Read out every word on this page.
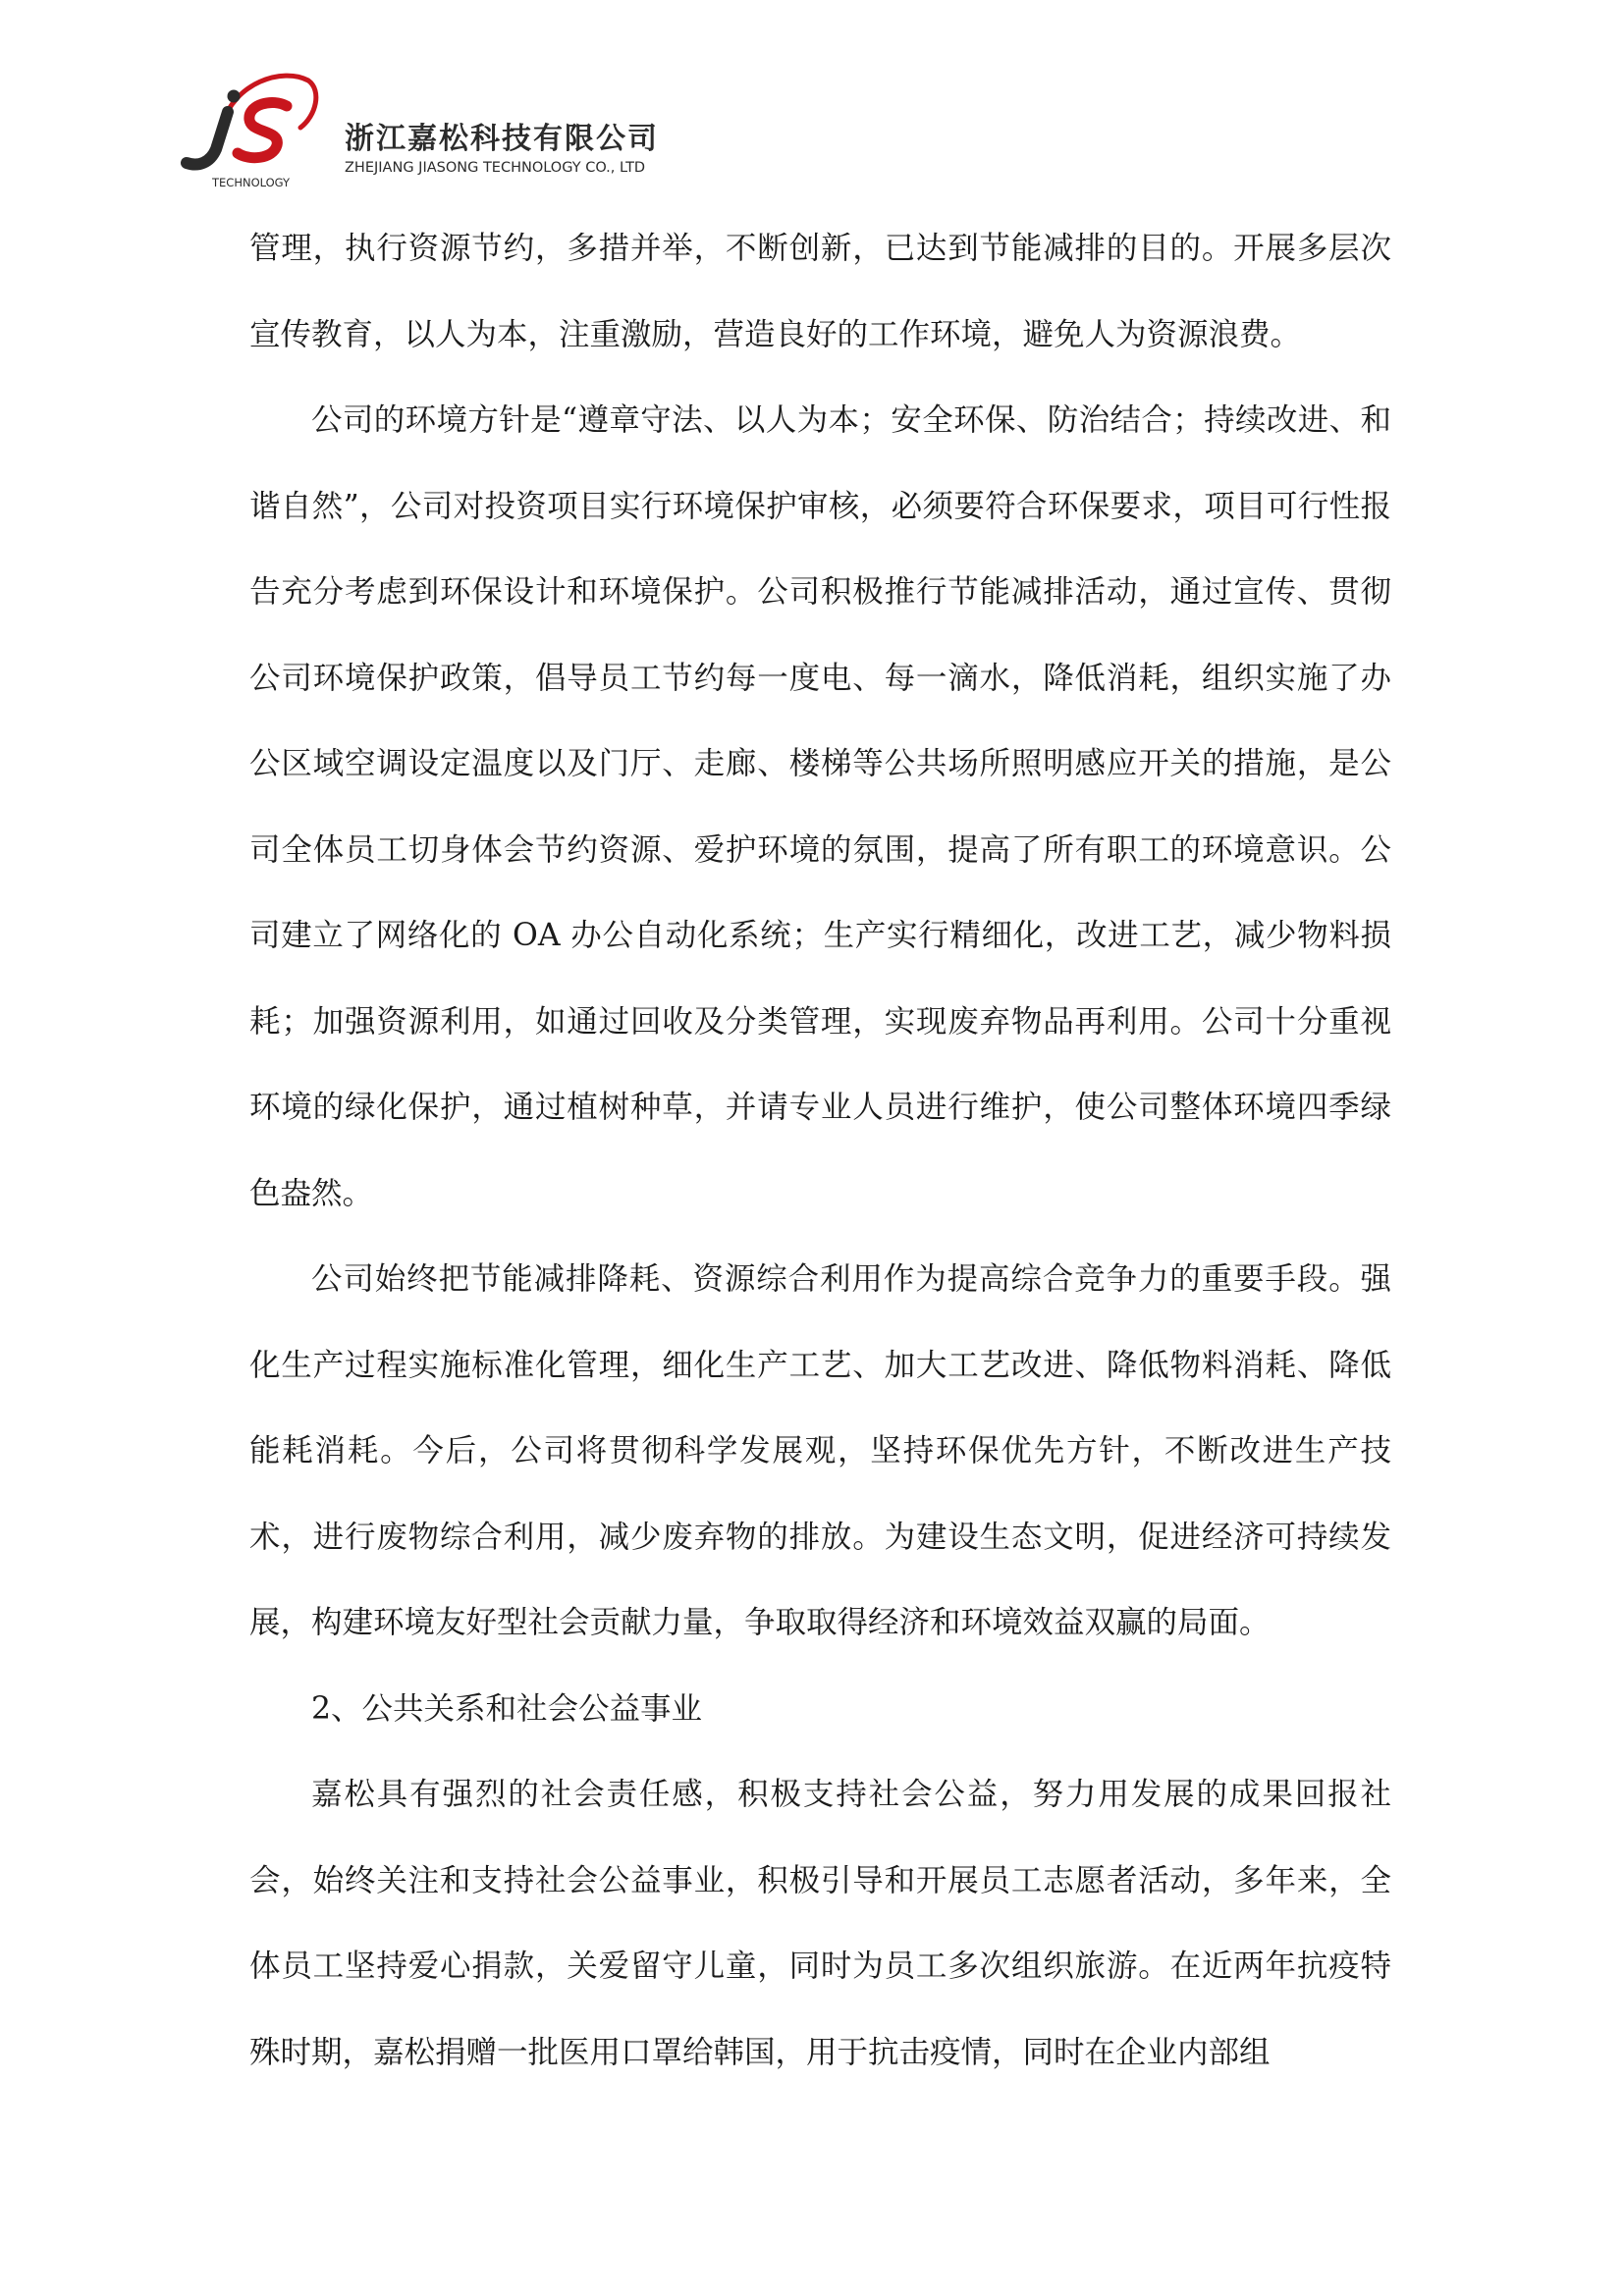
TECHNOLOGY
浙江嘉松科技有限公司
ZHEJIANG JIASONG TECHNOLOGY CO., LTD

管理，执行资源节约，多措并举，不断创新，已达到节能减排的目的。开展多层次宣传教育，以人为本，注重激励，营造良好的工作环境，避免人为资源浪费。

公司的环境方针是“遵章守法、以人为本；安全环保、防治结合；持续改进、和谐自然”，公司对投资项目实行环境保护审核，必须要符合环保要求，项目可行性报告充分考虑到环保设计和环境保护。公司积极推行节能减排活动，通过宣传、贯彻公司环境保护政策，倡导员工节约每一度电、每一滴水，降低消耗，组织实施了办公区域空调设定温度以及门厅、走廊、楼梯等公共场所照明感应开关的措施，是公司全体员工切身体会节约资源、爱护环境的氛围，提高了所有职工的环境意识。公司建立了网络化的 OA 办公自动化系统；生产实行精细化，改进工艺，减少物料损耗；加强资源利用，如通过回收及分类管理，实现废弃物品再利用。公司十分重视环境的绿化保护，通过植树种草，并请专业人员进行维护，使公司整体环境四季绿色盎然。

公司始终把节能减排降耗、资源综合利用作为提高综合竞争力的重要手段。强化生产过程实施标准化管理，细化生产工艺、加大工艺改进、降低物料消耗、降低能耗消耗。今后，公司将贯彻科学发展观，坚持环保优先方针，不断改进生产技术，进行废物综合利用，减少废弃物的排放。为建设生态文明，促进经济可持续发展，构建环境友好型社会贡献力量，争取取得经济和环境效益双赢的局面。

2、公共关系和社会公益事业

嘉松具有强烈的社会责任感，积极支持社会公益，努力用发展的成果回报社会，始终关注和支持社会公益事业，积极引导和开展员工志愿者活动，多年来，全体员工坚持爱心捐款，关爱留守儿童，同时为员工多次组织旅游。在近两年抗疫特殊时期，嘉松捐赠一批医用口罩给韩国，用于抗击疫情，同时在企业内部组
